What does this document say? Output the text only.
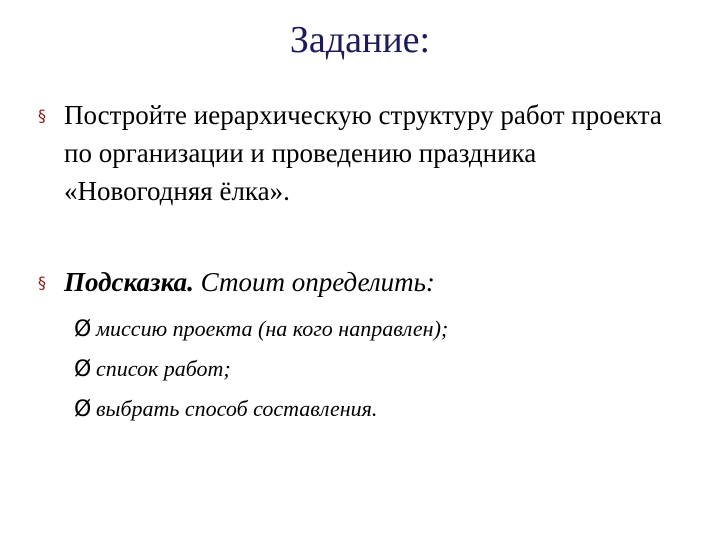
Задание:
§ Постройте иерархическую структуру работ проекта по организации и проведению праздника «Новогодняя ёлка».
§ Подсказка. Стоит определить:
Ø миссию проекта (на кого направлен);
Ø список работ;
Ø выбрать способ составления.
